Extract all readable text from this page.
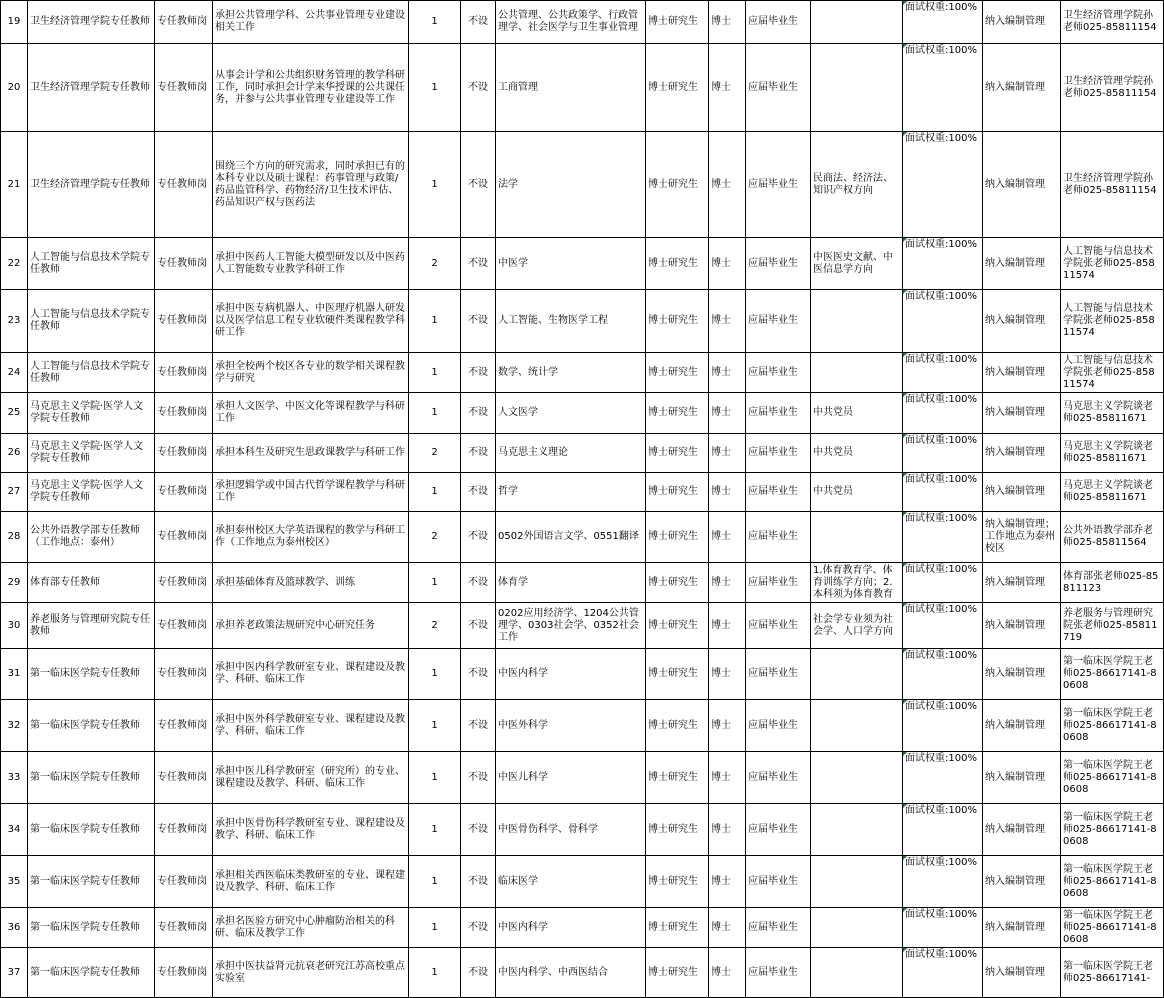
19	卫生经济管理学院专任教师	专任教师岗	承担公共管理学科、公共事业管理专业建设相关工作	1	不设	公共管理、公共政策学、行政管理学、社会医学与卫生事业管理	博士研究生	博士	应届毕业生		面试权重:100%	纳入编制管理	卫生经济管理学院孙老师025-85811154

20	卫生经济管理学院专任教师	专任教师岗	从事会计学和公共组织财务管理的教学科研工作，同时承担会计学来华授课的公共课任务，并参与公共事业管理专业建设等工作	1	不设	工商管理	博士研究生	博士	应届毕业生		面试权重:100%	纳入编制管理	卫生经济管理学院孙老师025-85811154

21	卫生经济管理学院专任教师	专任教师岗	围绕三个方向的研究需求，同时承担已有的本科专业以及硕士课程：药事管理与政策/药品监管科学、药物经济/卫生技术评估、药品知识产权与医药法	1	不设	法学	博士研究生	博士	应届毕业生	民商法、经济法、知识产权方向	面试权重:100%	纳入编制管理	卫生经济管理学院孙老师025-85811154

22	人工智能与信息技术学院专任教师	专任教师岗	承担中医药人工智能大模型研发以及中医药人工智能数专业教学科研工作	2	不设	中医学	博士研究生	博士	应届毕业生	中医医史文献、中医信息学方向	面试权重:100%	纳入编制管理	人工智能与信息技术学院张老师025-85811574

23	人工智能与信息技术学院专任教师	专任教师岗	承担中医专病机器人、中医理疗机器人研发以及医学信息工程专业软硬件类课程教学科研工作	1	不设	人工智能、生物医学工程	博士研究生	博士	应届毕业生		面试权重:100%	纳入编制管理	人工智能与信息技术学院张老师025-85811574

24	人工智能与信息技术学院专任教师	专任教师岗	承担全校两个校区各专业的数学相关课程教学与研究	1	不设	数学、统计学	博士研究生	博士	应届毕业生		面试权重:100%	纳入编制管理	人工智能与信息技术学院张老师025-85811574

25	马克思主义学院·医学人文学院专任教师	专任教师岗	承担人文医学、中医文化等课程教学与科研工作	1	不设	人文医学	博士研究生	博士	应届毕业生	中共党员	面试权重:100%	纳入编制管理	马克思主义学院谈老师025-85811671

26	马克思主义学院·医学人文学院专任教师	专任教师岗	承担本科生及研究生思政课教学与科研工作	2	不设	马克思主义理论	博士研究生	博士	应届毕业生	中共党员	面试权重:100%	纳入编制管理	马克思主义学院谈老师025-85811671

27	马克思主义学院·医学人文学院专任教师	专任教师岗	承担逻辑学或中国古代哲学课程教学与科研工作	1	不设	哲学	博士研究生	博士	应届毕业生	中共党员	面试权重:100%	纳入编制管理	马克思主义学院谈老师025-85811671

28	公共外语教学部专任教师（工作地点：泰州）	专任教师岗	承担泰州校区大学英语课程的教学与科研工作（工作地点为泰州校区）	2	不设	0502外国语言文学、0551翻译	博士研究生	博士	应届毕业生		面试权重:100%	纳入编制管理；工作地点为泰州校区	公共外语教学部乔老师025-85811564

29	体育部专任教师	专任教师岗	承担基础体育及篮球教学、训练	1	不设	体育学	博士研究生	博士	应届毕业生	1.体育教育学、体育训练学方向；2.本科须为体育教育	面试权重:100%	纳入编制管理	体育部张老师025-85811123

30	养老服务与管理研究院专任教师	专任教师岗	承担养老政策法规研究中心研究任务	2	不设	0202应用经济学、1204公共管理学、0303社会学、0352社会工作	博士研究生	博士	应届毕业生	社会学专业须为社会学、人口学方向	面试权重:100%	纳入编制管理	养老服务与管理研究院张老师025-85811719

31	第一临床医学院专任教师	专任教师岗	承担中医内科学教研室专业、课程建设及教学、科研、临床工作	1	不设	中医内科学	博士研究生	博士	应届毕业生		面试权重:100%	纳入编制管理	第一临床医学院王老师025-86617141-80608

32	第一临床医学院专任教师	专任教师岗	承担中医外科学教研室专业、课程建设及教学、科研、临床工作	1	不设	中医外科学	博士研究生	博士	应届毕业生		面试权重:100%	纳入编制管理	第一临床医学院王老师025-86617141-80608

33	第一临床医学院专任教师	专任教师岗	承担中医儿科学教研室（研究所）的专业、课程建设及教学、科研、临床工作	1	不设	中医儿科学	博士研究生	博士	应届毕业生		面试权重:100%	纳入编制管理	第一临床医学院王老师025-86617141-80608

34	第一临床医学院专任教师	专任教师岗	承担中医骨伤科学教研室专业、课程建设及教学、科研、临床工作	1	不设	中医骨伤科学、骨科学	博士研究生	博士	应届毕业生		面试权重:100%	纳入编制管理	第一临床医学院王老师025-86617141-80608

35	第一临床医学院专任教师	专任教师岗	承担相关西医临床类教研室的专业、课程建设及教学、科研、临床工作	1	不设	临床医学	博士研究生	博士	应届毕业生		面试权重:100%	纳入编制管理	第一临床医学院王老师025-86617141-80608

36	第一临床医学院专任教师	专任教师岗	承担名医验方研究中心肿瘤防治相关的科研、临床及教学工作	1	不设	中医内科学	博士研究生	博士	应届毕业生		面试权重:100%	纳入编制管理	第一临床医学院王老师025-86617141-80608

37	第一临床医学院专任教师	专任教师岗	承担中医扶益肾元抗衰老研究江苏高校重点实验室	1	不设	中医内科学、中西医结合	博士研究生	博士	应届毕业生		面试权重:100%	纳入编制管理	第一临床医学院王老师025-86617141-
